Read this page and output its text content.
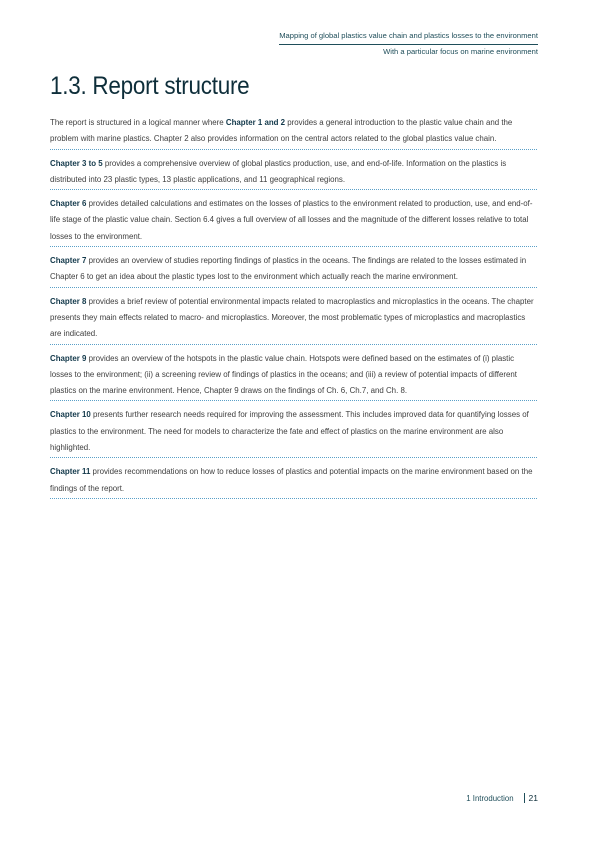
Mapping of global plastics value chain and plastics losses to the environment
With a particular focus on marine environment
1.3. Report structure
The report is structured in a logical manner where Chapter 1 and 2 provides a general introduction to the plastic value chain and the problem with marine plastics. Chapter 2 also provides information on the central actors related to the global plastics value chain.
Chapter 3 to 5 provides a comprehensive overview of global plastics production, use, and end-of-life. Information on the plastics is distributed into 23 plastic types, 13 plastic applications, and 11 geographical regions.
Chapter 6 provides detailed calculations and estimates on the losses of plastics to the environment related to production, use, and end-of-life stage of the plastic value chain. Section 6.4 gives a full overview of all losses and the magnitude of the different losses relative to total losses to the environment.
Chapter 7 provides an overview of studies reporting findings of plastics in the oceans. The findings are related to the losses estimated in Chapter 6 to get an idea about the plastic types lost to the environment which actually reach the marine environment.
Chapter 8 provides a brief review of potential environmental impacts related to macroplastics and microplastics in the oceans. The chapter presents they main effects related to macro- and microplastics. Moreover, the most problematic types of microplastics and macroplastics are indicated.
Chapter 9 provides an overview of the hotspots in the plastic value chain. Hotspots were defined based on the estimates of (i) plastic losses to the environment; (ii) a screening review of findings of plastics in the oceans; and (iii) a review of potential impacts of different plastics on the marine environment. Hence, Chapter 9 draws on the findings of Ch. 6, Ch.7, and Ch. 8.
Chapter 10 presents further research needs required for improving the assessment. This includes improved data for quantifying losses of plastics to the environment. The need for models to characterize the fate and effect of plastics on the marine environment are also highlighted.
Chapter 11 provides recommendations on how to reduce losses of plastics and potential impacts on the marine environment based on the findings of the report.
1 Introduction 21
